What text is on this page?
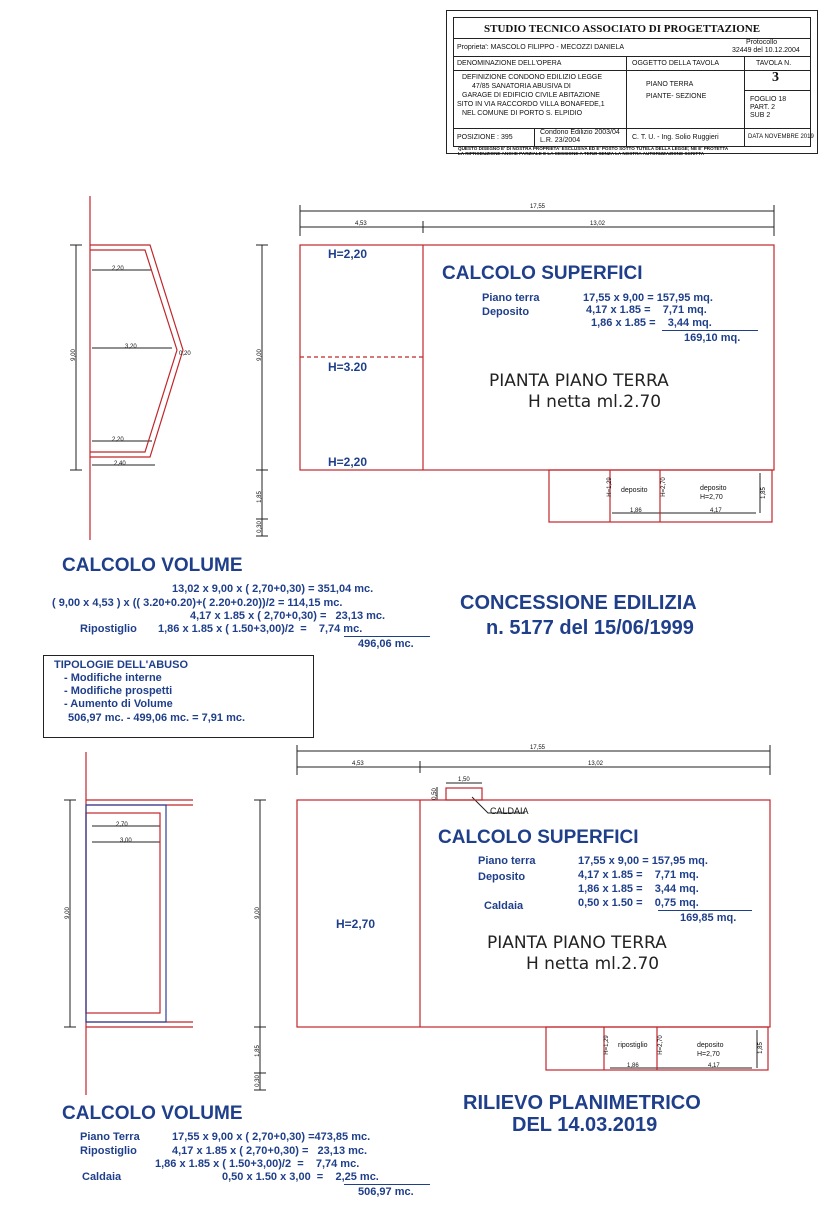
STUDIO TECNICO ASSOCIATO DI PROGETTAZIONE
Proprieta': MASCOLO FILIPPO - MECOZZI DANIELA
Protocollo
32449 del 10.12.2004
DENOMINAZIONE DELL'OPERA	OGGETTO DELLA TAVOLA	TAVOLA N.
DEFINIZIONE CONDONO EDILIZIO LEGGE
47/85 SANATORIA ABUSIVA DI
GARAGE DI EDIFICIO CIVILE ABITAZIONE
SITO IN VIA RACCORDO VILLA BONAFEDE,1
NEL COMUNE DI PORTO S. ELPIDIO
PIANO TERRA
PIANTE- SEZIONE
3
FOGLIO 18
PART. 2
SUB 2
POSIZIONE : 395
Condono Edilizio 2003/04
L.R. 23/2004	C. T. U. - Ing. Solio Ruggieri	DATA NOVEMBRE 2019
QUESTO DISEGNO E' DI NOSTRA PROPRIETA' ESCLUSIVA ED E' POSTO SOTTO TUTELA DELLA LEGGE; NE E' PROTETTA
LA RIPRODUZIONE ANCHE PARZIALE E LA CESSIONE A TERZI SENZA LA NOSTRA AUTORIZZAZIONE SCRITTA
17,55
4,53	13,02
H=2,20
H=3.20
H=2,20
9,00
1,85
0,30
H=1,29 deposito H=2,70	deposito
H=2,70
1,86	4,17
1,85
2,20
3,20
0,20
2,20
2,40
9,00
CALCOLO SUPERFICI
Piano terra	17,55 x 9,00 = 157,95 mq.
Deposito	4,17 x 1.85 =    7,71 mq.
1,86 x 1.85 =    3,44 mq.
169,10 mq.
PIANTA PIANO TERRA
H netta ml.2.70
CALCOLO VOLUME
13,02 x 9,00 x ( 2,70+0,30) = 351,04 mc.
( 9,00 x 4,53 ) x (( 3.20+0.20)+( 2.20+0.20))/2 = 114,15 mc.
4,17 x 1.85 x ( 2,70+0,30) =   23,13 mc.
Ripostiglio 1,86 x 1.85 x ( 1.50+3,00)/2  =    7,74 mc.
496,06 mc.
CONCESSIONE EDILIZIA
n. 5177 del 15/06/1999
TIPOLOGIE DELL'ABUSO
- Modifiche interne
- Modifiche prospetti
- Aumento di Volume
506,97 mc. - 499,06 mc. = 7,91 mc.
17,55
4,53	13,02
1,50
0,50
CALDAIA
H=2,70
9,00
1,85
0,30
H=1,29 ripostiglio H=2,70	deposito
H=2,70
1,86	4,17
1,85
2,70
3,00
9,00
CALCOLO SUPERFICI
Piano terra	17,55 x 9,00 = 157,95 mq.
Deposito	4,17 x 1.85 =    7,71 mq.
1,86 x 1.85 =    3,44 mq.
Caldaia	0,50 x 1.50 =    0,75 mq.
169,85 mq.
PIANTA PIANO TERRA
H netta ml.2.70
CALCOLO VOLUME
Piano Terra	17,55 x 9,00 x ( 2,70+0,30) =473,85 mc.
Ripostiglio	4,17 x 1.85 x ( 2,70+0,30) =   23,13 mc.
1,86 x 1.85 x ( 1.50+3,00)/2  =    7,74 mc.
Caldaia	0,50 x 1.50 x 3,00  =    2,25 mc.
506,97 mc.
RILIEVO PLANIMETRICO
DEL 14.03.2019
